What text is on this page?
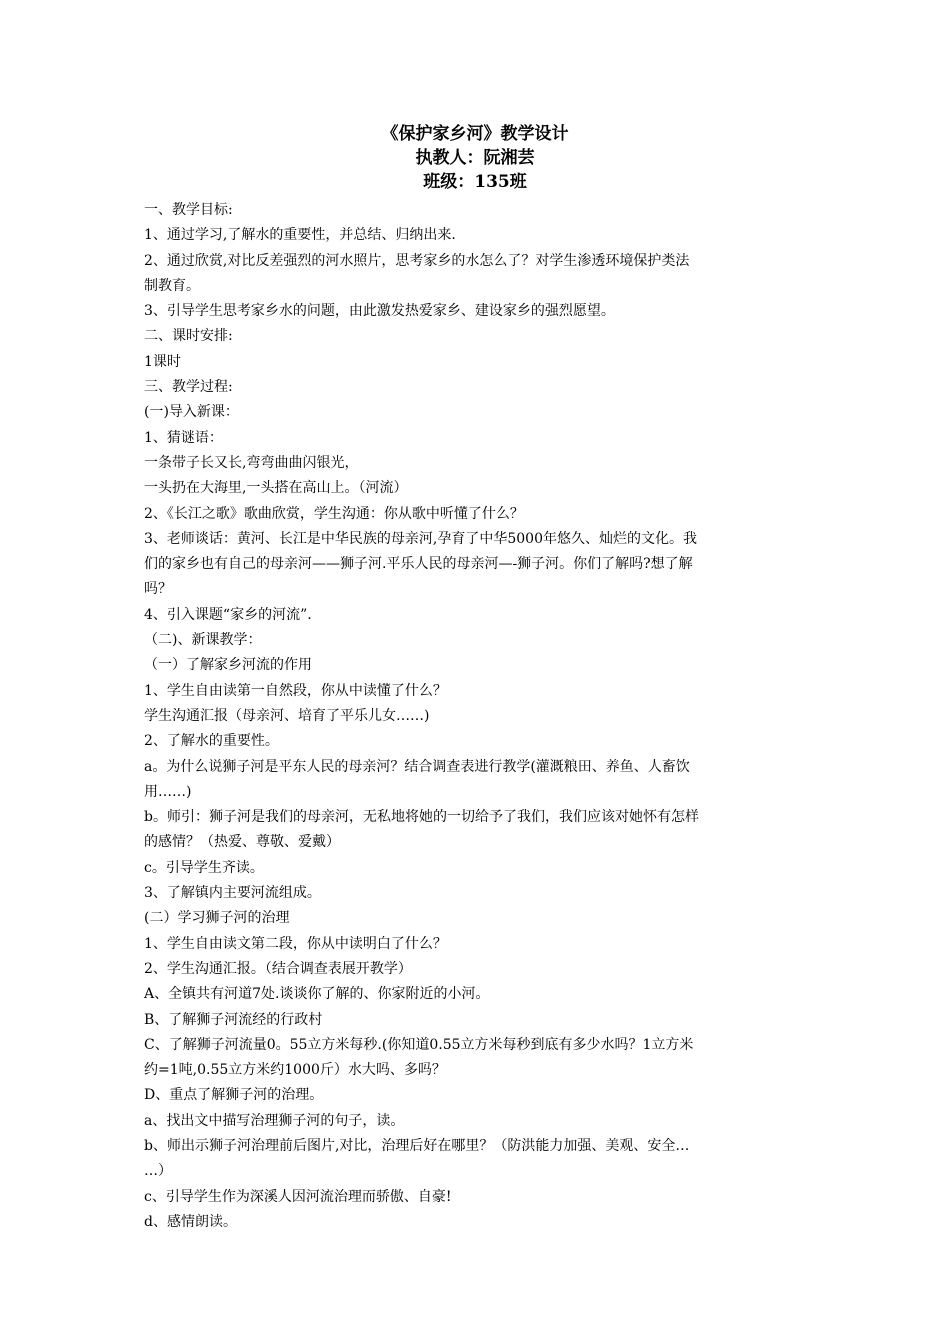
《保护家乡河》教学设计
执教人：阮湘芸
班级：135班

一、教学目标:

1、通过学习,了解水的重要性，并总结、归纳出来.

2、通过欣赏,对比反差强烈的河水照片，思考家乡的水怎么了？对学生渗透环境保护类法

制教育。

3、引导学生思考家乡水的问题，由此激发热爱家乡、建设家乡的强烈愿望。

二、课时安排:

1课时

三、教学过程:

(一)导入新课：

1、猜谜语：

一条带子长又长,弯弯曲曲闪银光，

一头扔在大海里,一头搭在高山上。（河流）

2、《长江之歌》歌曲欣赏，学生沟通：你从歌中听懂了什么？

3、老师谈话：黄河、长江是中华民族的母亲河,孕育了中华5000年悠久、灿烂的文化。我

们的家乡也有自己的母亲河——狮子河.平乐人民的母亲河—-狮子河。你们了解吗?想了解

吗？

4、引入课题“家乡的河流”.

（二)、新课教学：

（一）了解家乡河流的作用

1、学生自由读第一自然段，你从中读懂了什么？

学生沟通汇报（母亲河、培育了平乐儿女……)

2、了解水的重要性。

a。为什么说狮子河是平东人民的母亲河？结合调查表进行教学(灌溉粮田、养鱼、人畜饮

用……)

b。师引：狮子河是我们的母亲河，无私地将她的一切给予了我们，我们应该对她怀有怎样

的感情？（热爱、尊敬、爱戴）

c。引导学生齐读。

3、了解镇内主要河流组成。

(二）学习狮子河的治理

1、学生自由读文第二段，你从中读明白了什么？

2、学生沟通汇报。（结合调查表展开教学）

A、全镇共有河道7处.谈谈你了解的、你家附近的小河。

B、了解狮子河流经的行政村

C、了解狮子河流量0。55立方米每秒.(你知道0.55立方米每秒到底有多少水吗？1立方米

约=1吨,0.55立方米约1000斤）水大吗、多吗？

D、重点了解狮子河的治理。

a、找出文中描写治理狮子河的句子，读。

b、师出示狮子河治理前后图片,对比，治理后好在哪里？（防洪能力加强、美观、安全…

…）

c、引导学生作为深溪人因河流治理而骄傲、自豪!

d、感情朗读。
